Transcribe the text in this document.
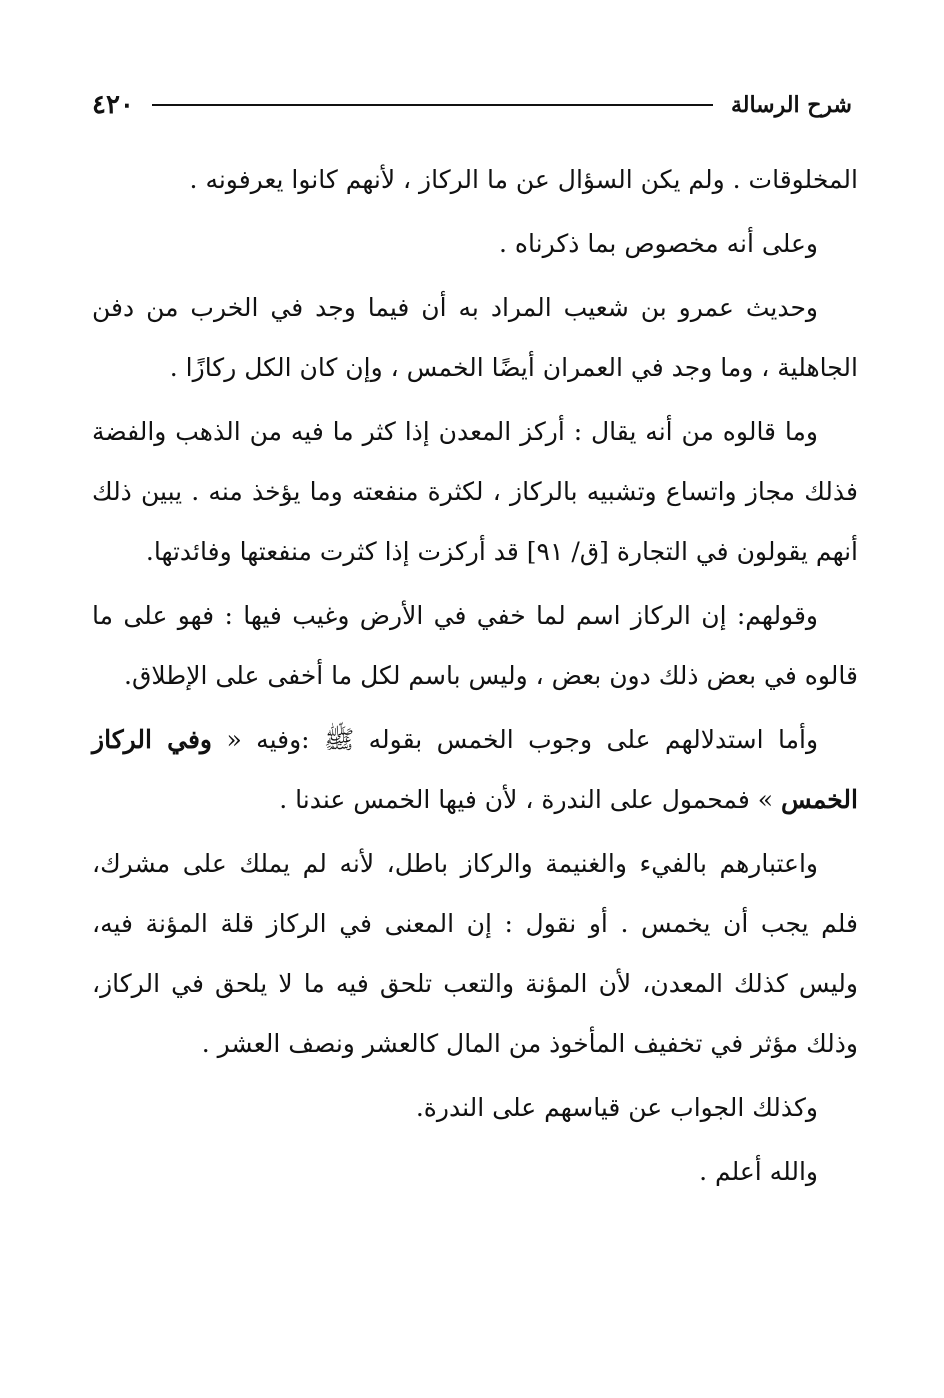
شرح الرسالة
٤٢٠

المخلوقات . ولم يكن السؤال عن ما الركاز ، لأنهم كانوا يعرفونه .

وعلى أنه مخصوص بما ذكرناه .

وحديث عمرو بن شعيب المراد به أن فيما وجد في الخرب من دفن الجاهلية ، وما وجد في العمران أيضًا الخمس ، وإن كان الكل ركازًا .

وما قالوه من أنه يقال : أركز المعدن إذا كثر ما فيه من الذهب والفضة فذلك مجاز واتساع وتشبيه بالركاز ، لكثرة منفعته وما يؤخذ منه . يبين ذلك أنهم يقولون في التجارة [ق/ ٩١] قد أركزت إذا كثرت منفعتها وفائدتها.

وقولهم: إن الركاز اسم لما خفي في الأرض وغيب فيها : فهو على ما قالوه في بعض ذلك دون بعض ، وليس باسم لكل ما أخفى على الإطلاق.

وأما استدلالهم على وجوب الخمس بقوله ﷺ :وفيه « وفي الركاز الخمس » فمحمول على الندرة ، لأن فيها الخمس عندنا .

واعتبارهم بالفيء والغنيمة والركاز باطل، لأنه لم يملك على مشرك، فلم يجب أن يخمس . أو نقول : إن المعنى في الركاز قلة المؤنة فيه، وليس كذلك المعدن، لأن المؤنة والتعب تلحق فيه ما لا يلحق في الركاز، وذلك مؤثر في تخفيف المأخوذ من المال كالعشر ونصف العشر .

وكذلك الجواب عن قياسهم على الندرة.

والله أعلم .
